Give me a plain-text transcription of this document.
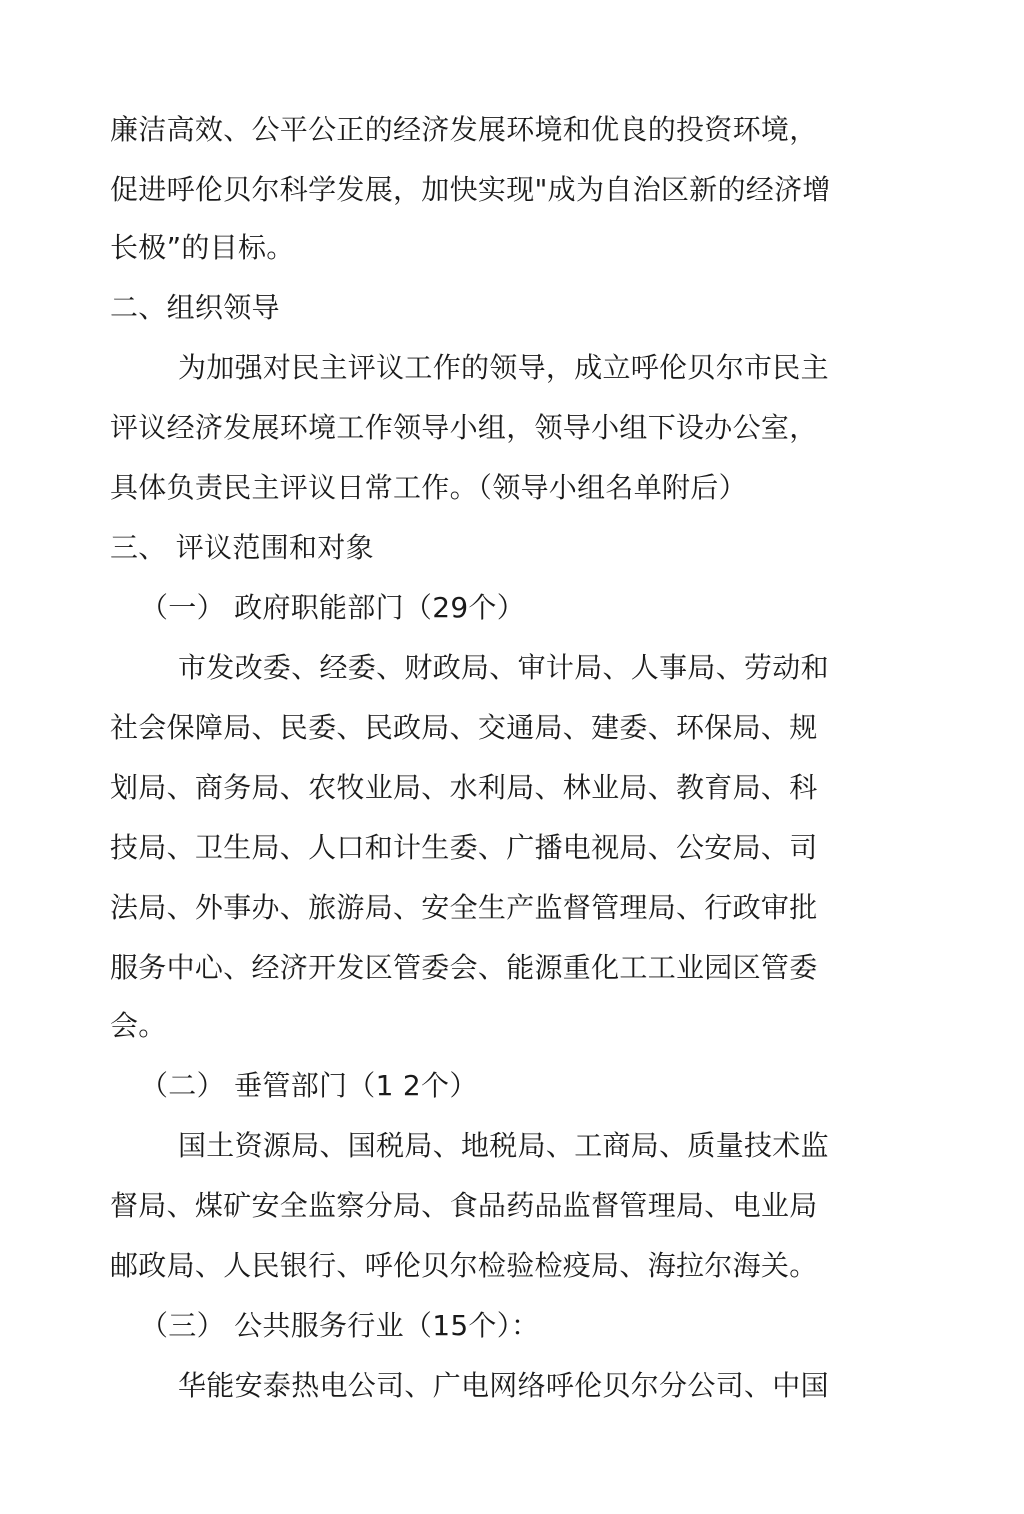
廉洁高效、公平公正的经济发展环境和优良的投资环境，
促进呼伦贝尔科学发展，加快实现"成为自治区新的经济增
长极”的目标。
二、组织领导
为加强对民主评议工作的领导，成立呼伦贝尔市民主
评议经济发展环境工作领导小组，领导小组下设办公室，
具体负责民主评议日常工作。（领导小组名单附后）
三、 评议范围和对象
（一） 政府职能部门（29个）
市发改委、经委、财政局、审计局、人事局、劳动和
社会保障局、民委、民政局、交通局、建委、环保局、规
划局、商务局、农牧业局、水利局、林业局、教育局、科
技局、卫生局、人口和计生委、广播电视局、公安局、司
法局、外事办、旅游局、安全生产监督管理局、行政审批
服务中心、经济开发区管委会、能源重化工工业园区管委
会。
（二） 垂管部门（1 2个）
国土资源局、国税局、地税局、工商局、质量技术监
督局、煤矿安全监察分局、食品药品监督管理局、电业局
邮政局、人民银行、呼伦贝尔检验检疫局、海拉尔海关。
（三） 公共服务行业（15个）：
华能安泰热电公司、广电网络呼伦贝尔分公司、中国
